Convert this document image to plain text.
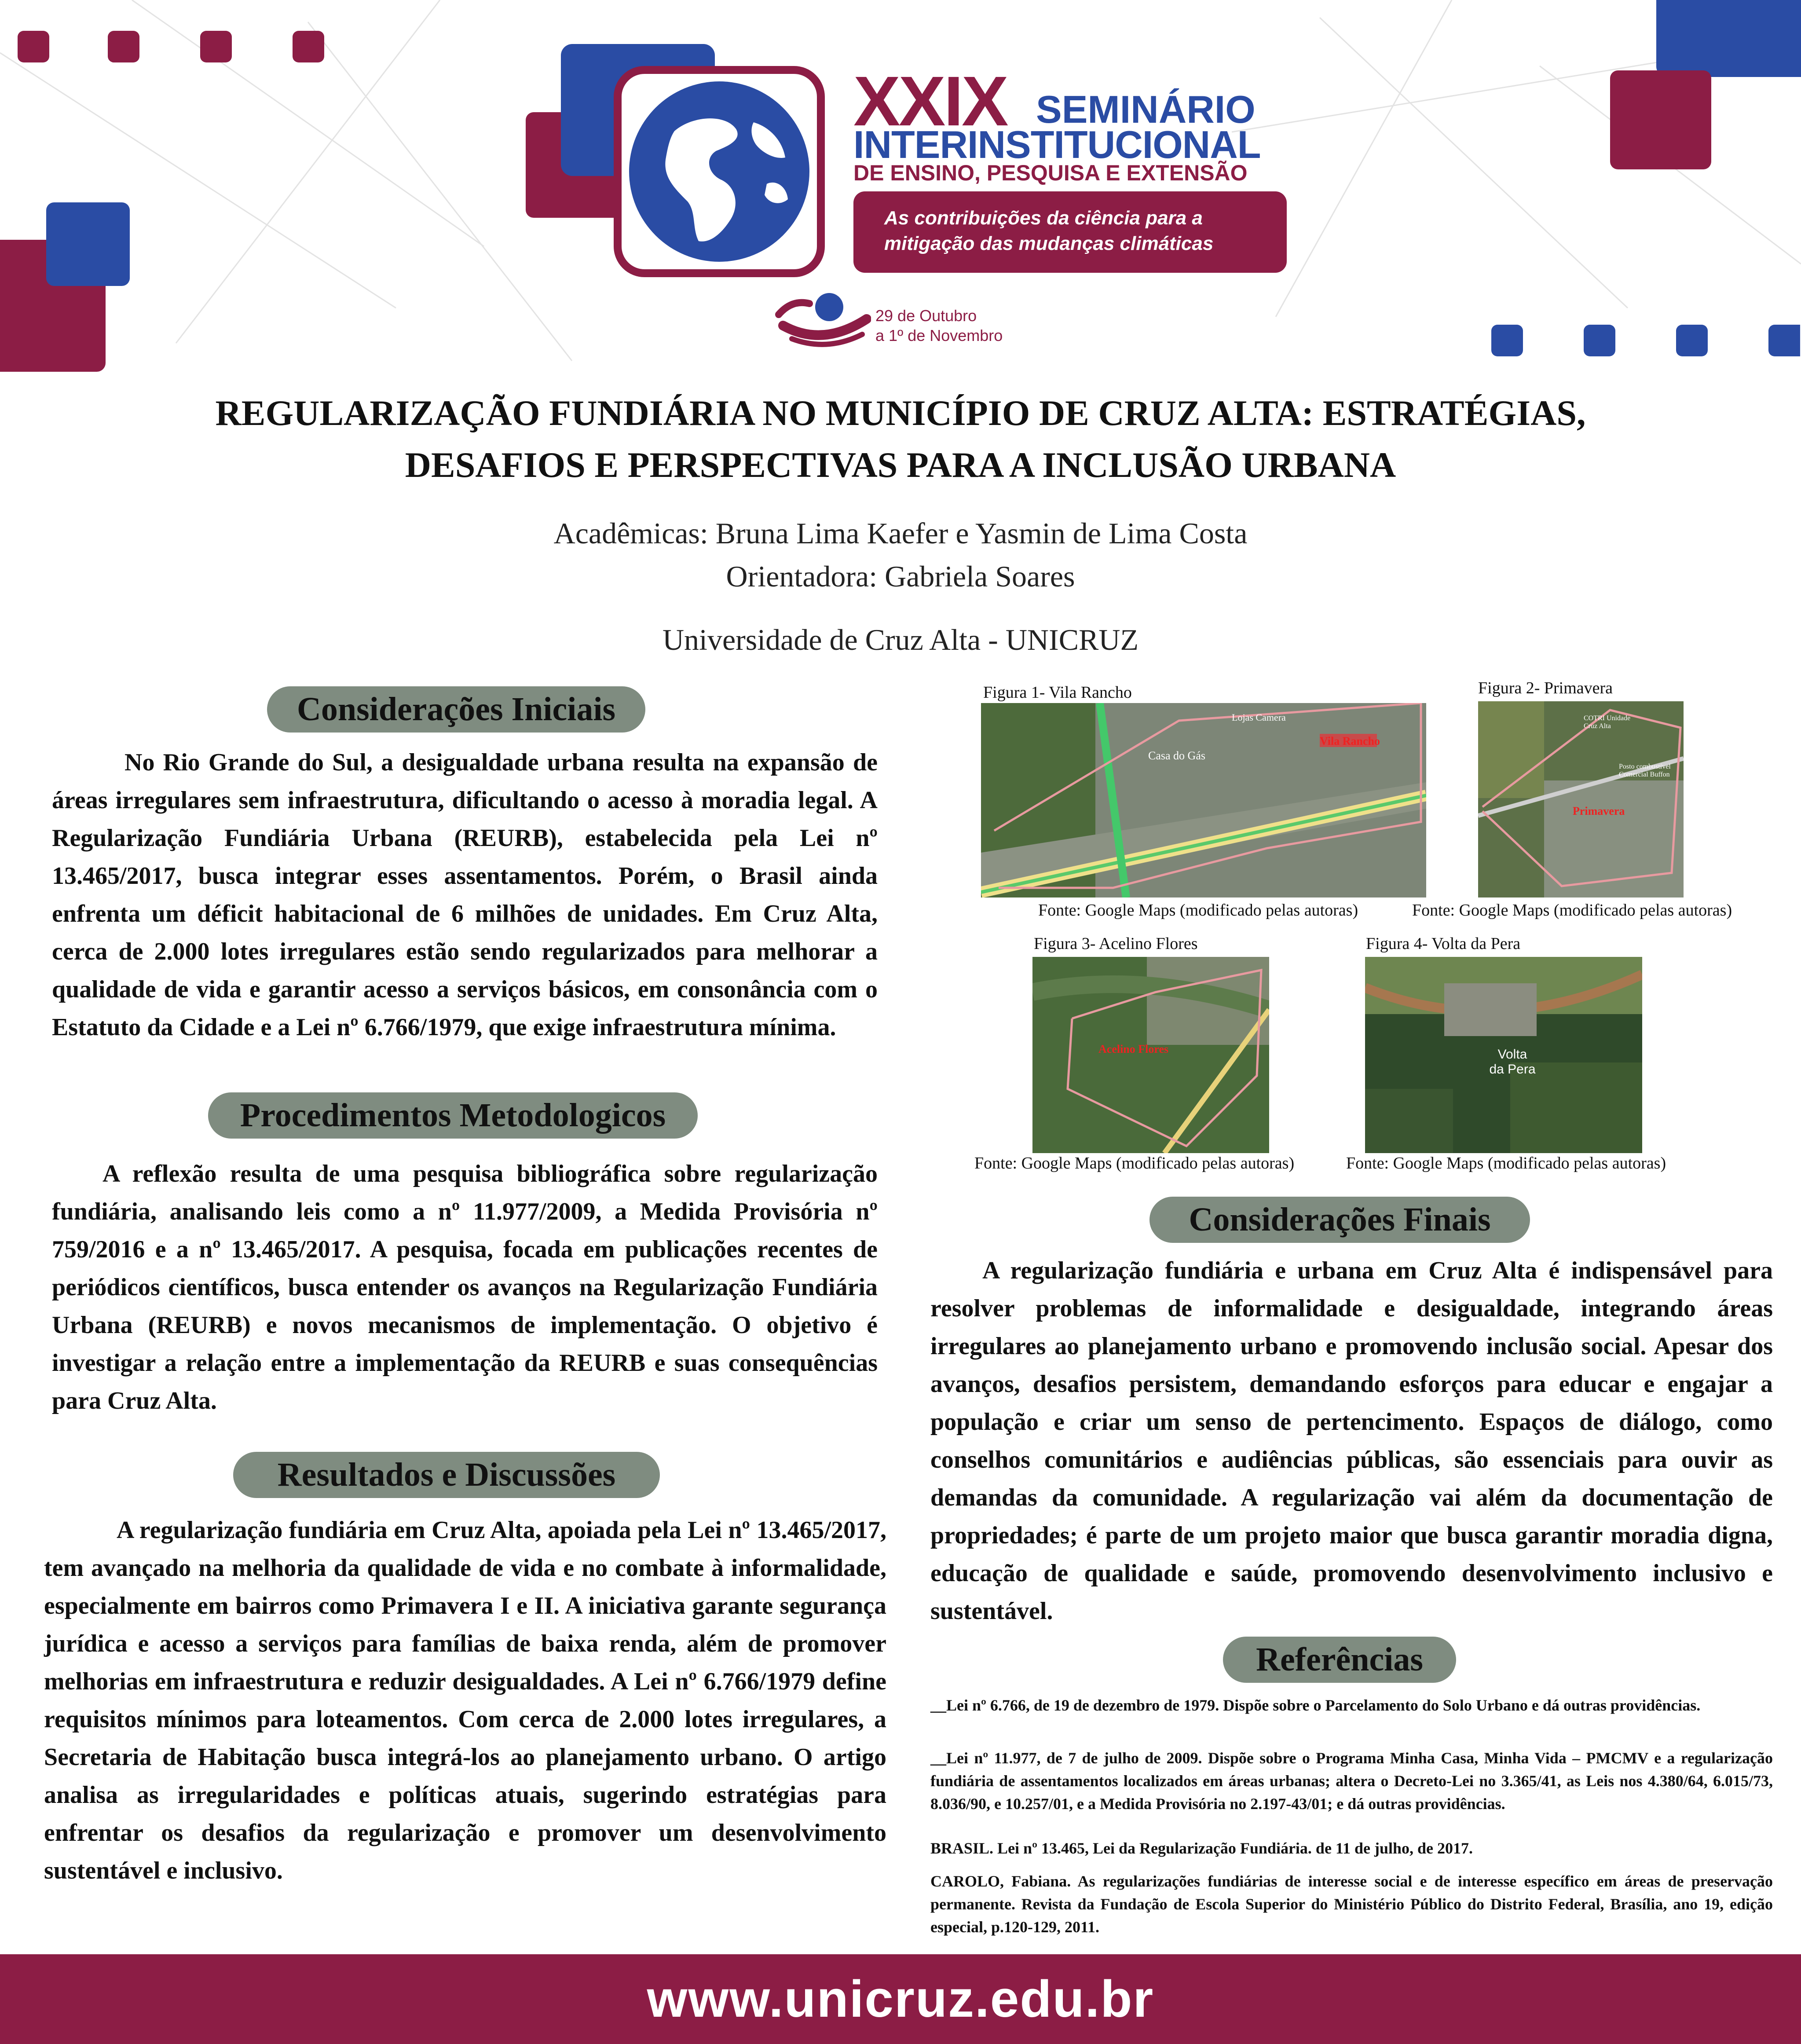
XXIX SEMINÁRIO
INTERINSTITUCIONAL
DE ENSINO, PESQUISA E EXTENSÃO
As contribuições da ciência para a
mitigação das mudanças climáticas
29 de Outubro
a 1º de Novembro
REGULARIZAÇÃO FUNDIÁRIA NO MUNICÍPIO DE CRUZ ALTA: ESTRATÉGIAS,
DESAFIOS E PERSPECTIVAS PARA A INCLUSÃO URBANA
Acadêmicas: Bruna Lima Kaefer e Yasmin de Lima Costa
Orientadora: Gabriela Soares
Universidade de Cruz Alta - UNICRUZ
Considerações Iniciais

No Rio Grande do Sul, a desigualdade urbana resulta na expansão de áreas irregulares sem infraestrutura, dificultando o acesso à moradia legal. A Regularização Fundiária Urbana (REURB), estabelecida pela Lei nº 13.465/2017, busca integrar esses assentamentos. Porém, o Brasil ainda enfrenta um déficit habitacional de 6 milhões de unidades. Em Cruz Alta, cerca de 2.000 lotes irregulares estão sendo regularizados para melhorar a qualidade de vida e garantir acesso a serviços básicos, em consonância com o Estatuto da Cidade e a Lei nº 6.766/1979, que exige infraestrutura mínima.

Procedimentos Metodologicos

A reflexão resulta de uma pesquisa bibliográfica sobre regularização fundiária, analisando leis como a nº 11.977/2009, a Medida Provisória nº 759/2016 e a nº 13.465/2017. A pesquisa, focada em publicações recentes de periódicos científicos, busca entender os avanços na Regularização Fundiária Urbana (REURB) e novos mecanismos de implementação. O objetivo é investigar a relação entre a implementação da REURB e suas consequências para Cruz Alta.

Resultados e Discussões

A regularização fundiária em Cruz Alta, apoiada pela Lei nº 13.465/2017, tem avançado na melhoria da qualidade de vida e no combate à informalidade, especialmente em bairros como Primavera I e II. A iniciativa garante segurança jurídica e acesso a serviços para famílias de baixa renda, além de promover melhorias em infraestrutura e reduzir desigualdades. A Lei nº 6.766/1979 define requisitos mínimos para loteamentos. Com cerca de 2.000 lotes irregulares, a Secretaria de Habitação busca integrá-los ao planejamento urbano. O artigo analisa as irregularidades e políticas atuais, sugerindo estratégias para enfrentar os desafios da regularização e promover um desenvolvimento sustentável e inclusivo.

Figura 1- Vila Rancho
Vila Rancho
Casa do Gás
Lojas Camera
Fonte: Google Maps (modificado pelas autoras)
Figura 2- Primavera
Primavera
COTRI Unidade Cruz Alta
Posto combustível Comercial Buffon
Fonte: Google Maps (modificado pelas autoras)
Figura 3- Acelino Flores
Acelino Flores
Fonte: Google Maps (modificado pelas autoras)
Figura 4- Volta da Pera
Volta
da Pera
Fonte: Google Maps (modificado pelas autoras)
Considerações Finais

A regularização fundiária e urbana em Cruz Alta é indispensável para resolver problemas de informalidade e desigualdade, integrando áreas irregulares ao planejamento urbano e promovendo inclusão social. Apesar dos avanços, desafios persistem, demandando esforços para educar e engajar a população e criar um senso de pertencimento. Espaços de diálogo, como conselhos comunitários e audiências públicas, são essenciais para ouvir as demandas da comunidade. A regularização vai além da documentação de propriedades; é parte de um projeto maior que busca garantir moradia digna, educação de qualidade e saúde, promovendo desenvolvimento inclusivo e sustentável.

Referências

__Lei nº 6.766, de 19 de dezembro de 1979. Dispõe sobre o Parcelamento do Solo Urbano e dá outras providências.

__Lei nº 11.977, de 7 de julho de 2009. Dispõe sobre o Programa Minha Casa, Minha Vida – PMCMV e a regularização fundiária de assentamentos localizados em áreas urbanas; altera o Decreto-Lei no 3.365/41, as Leis nos 4.380/64, 6.015/73, 8.036/90, e 10.257/01, e a Medida Provisória no 2.197-43/01; e dá outras providências.

BRASIL. Lei nº 13.465, Lei da Regularização Fundiária. de 11 de julho, de 2017.

CAROLO, Fabiana. As regularizações fundiárias de interesse social e de interesse específico em áreas de preservação permanente. Revista da Fundação de Escola Superior do Ministério Público do Distrito Federal, Brasília, ano 19, edição especial, p.120-129, 2011.

www.unicruz.edu.br
